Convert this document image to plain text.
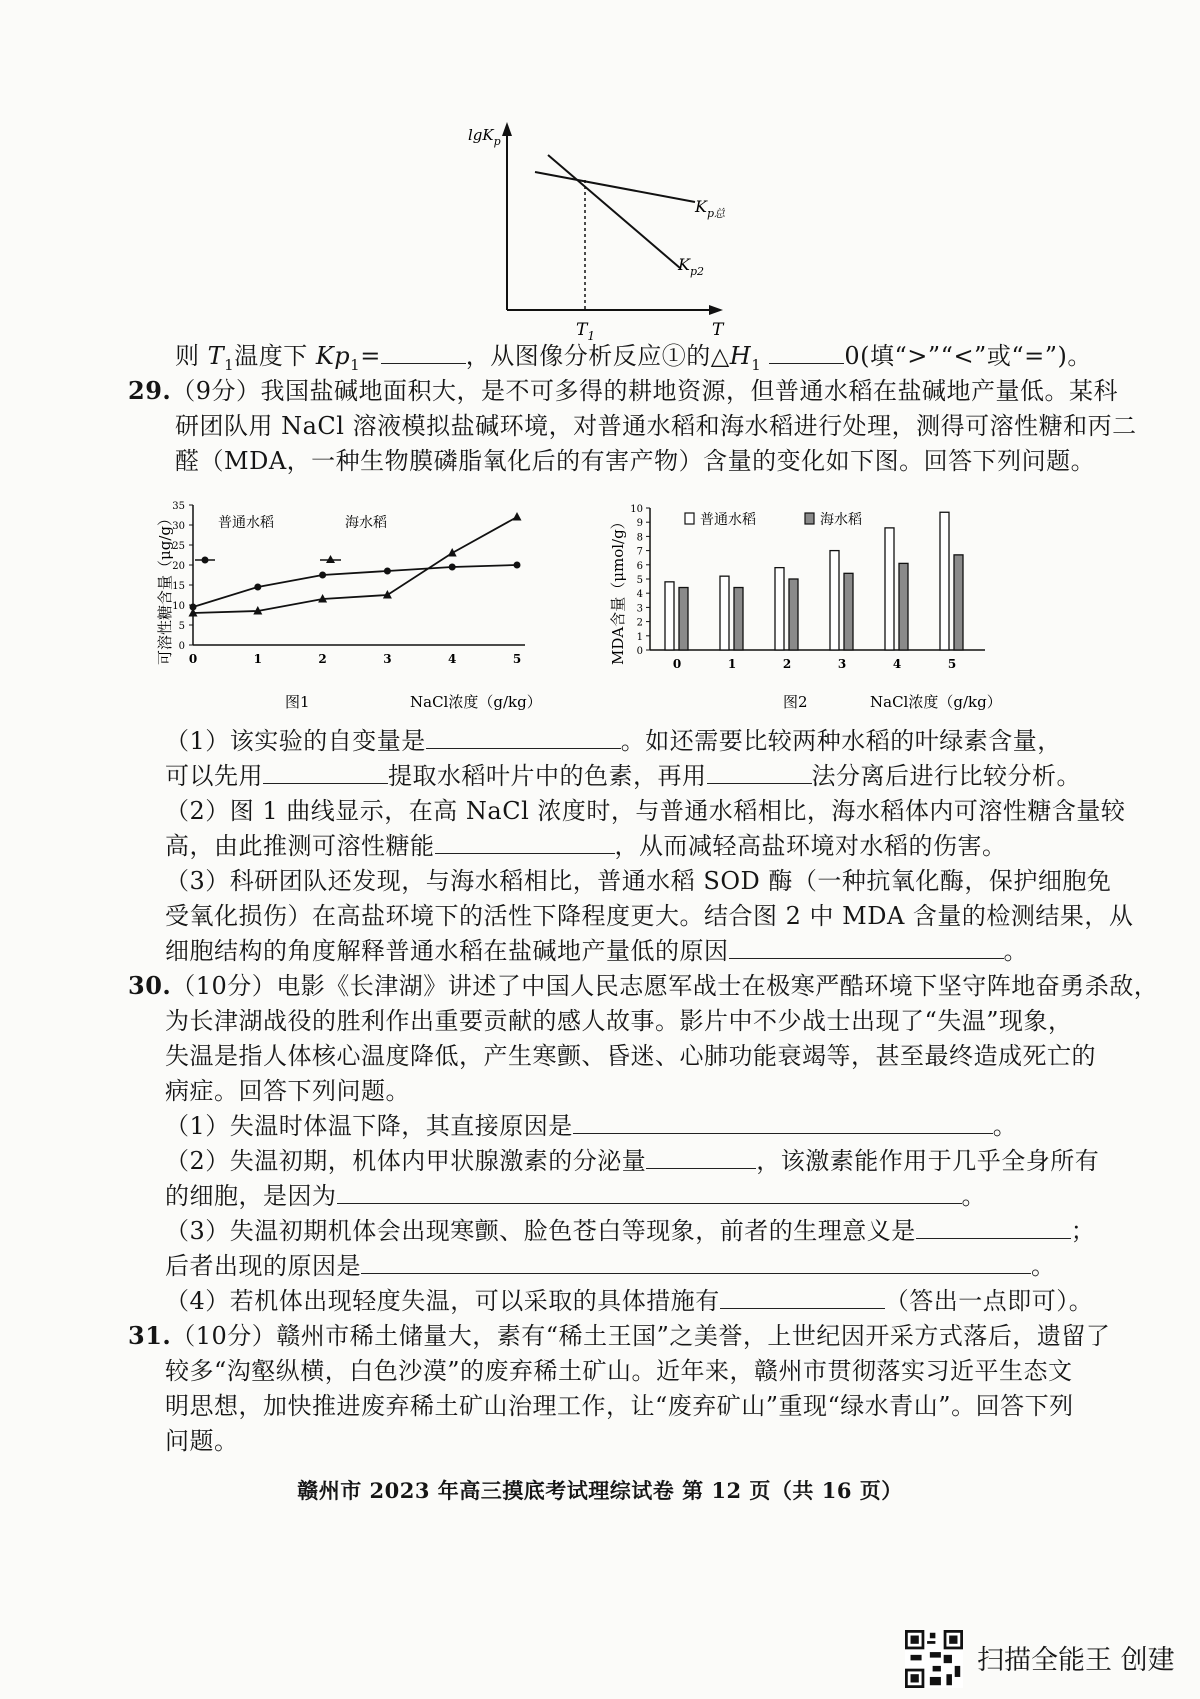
lgK$_p$
T
$T_1$
$K_{p总}$
$K_{p2}$
则 $T_1$温度下 $Kp_1=$	，从图像分析反应①的$\triangle H_1$	0(填“>”“<”或“=”)。
29.（9分）我国盐碱地面积大，是不可多得的耕地资源，但普通水稻在盐碱地产量低。某科
研团队用 NaCl 溶液模拟盐碱环境，对普通水稻和海水稻进行处理，测得可溶性糖和丙二
醛（MDA，一种生物膜磷脂氧化后的有害产物）含量的变化如下图。回答下列问题。
0
5
10
15
20
25
30
35
0	1	2	3	4	5
普通水稻	海水稻
可溶性糖含量（μg/g）
图1	NaCl浓度（g/kg）
0
1
2
3
4
5
6
7
8
9
10
0	1	2	3	4	5
普通水稻	海水稻
MDA含量（μmol/g）
图2	NaCl浓度（g/kg）
（1）该实验的自变量是	。如还需要比较两种水稻的叶绿素含量，
可以先用	提取水稻叶片中的色素，再用	法分离后进行比较分析。
（2）图 1 曲线显示，在高 NaCl 浓度时，与普通水稻相比，海水稻体内可溶性糖含量较
高，由此推测可溶性糖能	，从而减轻高盐环境对水稻的伤害。
（3）科研团队还发现，与海水稻相比，普通水稻 SOD 酶（一种抗氧化酶，保护细胞免
受氧化损伤）在高盐环境下的活性下降程度更大。结合图 2 中 MDA 含量的检测结果，从
细胞结构的角度解释普通水稻在盐碱地产量低的原因	。
30.（10分）电影《长津湖》讲述了中国人民志愿军战士在极寒严酷环境下坚守阵地奋勇杀敌，
为长津湖战役的胜利作出重要贡献的感人故事。影片中不少战士出现了“失温”现象，
失温是指人体核心温度降低，产生寒颤、昏迷、心肺功能衰竭等，甚至最终造成死亡的
病症。回答下列问题。
（1）失温时体温下降，其直接原因是	。
（2）失温初期，机体内甲状腺激素的分泌量	，该激素能作用于几乎全身所有
的细胞，是因为	。
（3）失温初期机体会出现寒颤、脸色苍白等现象，前者的生理意义是	；
后者出现的原因是	。
（4）若机体出现轻度失温，可以采取的具体措施有	（答出一点即可）。
31.（10分）赣州市稀土储量大，素有“稀土王国”之美誉，上世纪因开采方式落后，遗留了
较多“沟壑纵横，白色沙漠”的废弃稀土矿山。近年来，赣州市贯彻落实习近平生态文
明思想，加快推进废弃稀土矿山治理工作，让“废弃矿山”重现“绿水青山”。回答下列
问题。
赣州市 2023 年高三摸底考试理综试卷 第 12 页（共 16 页）
扫描全能王 创建
